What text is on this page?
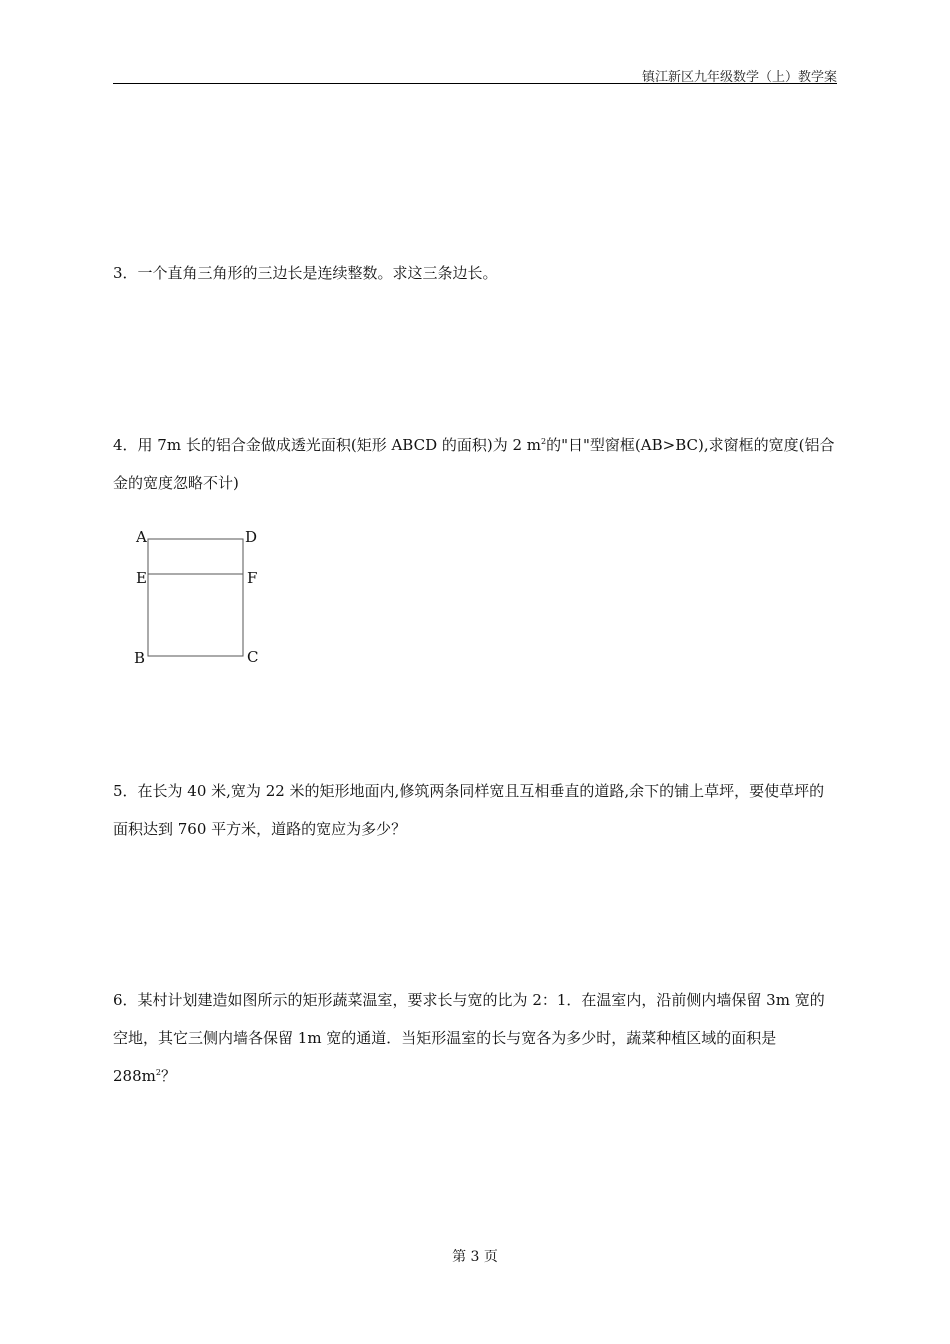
镇江新区九年级数学（上）教学案
3．一个直角三角形的三边长是连续整数。求这三条边长。
4．用 7m 长的铝合金做成透光面积(矩形 ABCD 的面积)为 2 $m^2$的"日"型窗框(AB>BC),求窗框的宽度(铝合金的宽度忽略不计)
A	D
E	F
B	C
5．在长为 40 米,宽为 22 米的矩形地面内,修筑两条同样宽且互相垂直的道路,余下的铺上草坪，要使草坪的面积达到 760 平方米，道路的宽应为多少？
6．某村计划建造如图所示的矩形蔬菜温室，要求长与宽的比为 2：1．在温室内，沿前侧内墙保留 3m 宽的空地，其它三侧内墙各保留 1m 宽的通道．当矩形温室的长与宽各为多少时，蔬菜种植区域的面积是 $288m^2$？
第 3 页
